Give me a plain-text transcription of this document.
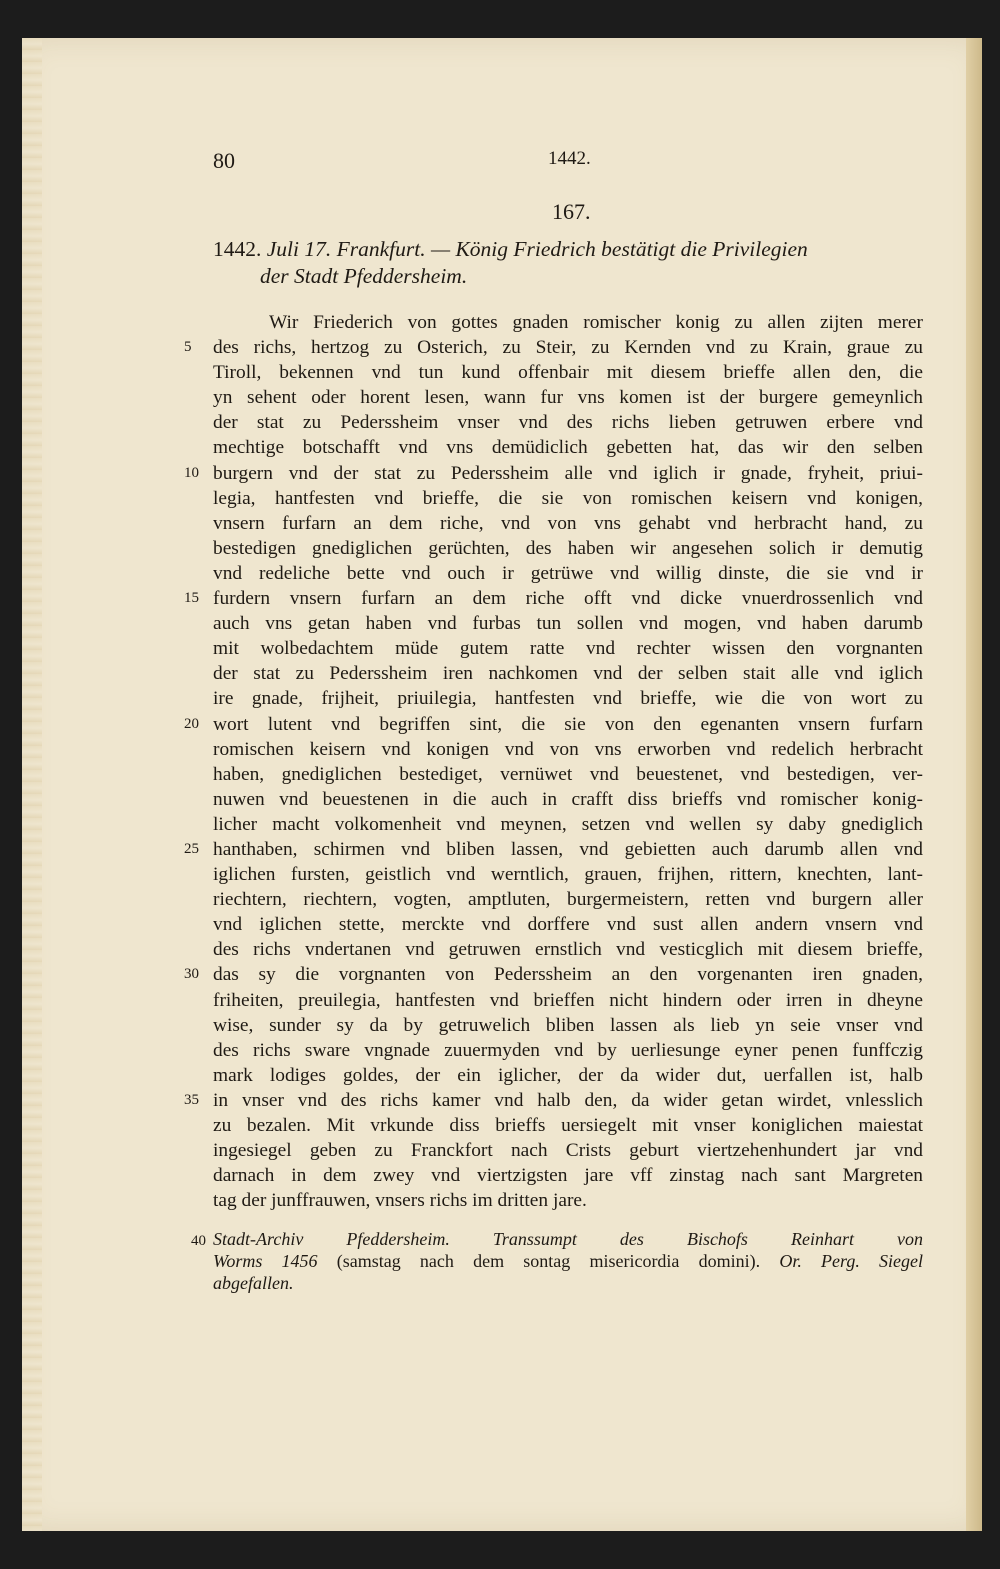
80	1442.
167.
1442. Juli 17. Frankfurt. — König Friedrich bestätigt die Privilegien
der Stadt Pfeddersheim.
Wir Friederich von gottes gnaden romischer konig zu allen zijten merer
5	des richs, hertzog zu Osterich, zu Steir, zu Kernden vnd zu Krain, graue zu
Tiroll, bekennen vnd tun kund offenbair mit diesem brieffe allen den, die
yn sehent oder horent lesen, wann fur vns komen ist der burgere gemeynlich
der stat zu Pederssheim vnser vnd des richs lieben getruwen erbere vnd
mechtige botschafft vnd vns demüdiclich gebetten hat, das wir den selben
10 burgern vnd der stat zu Pederssheim alle vnd iglich ir gnade, fryheit, priui-
legia, hantfesten vnd brieffe, die sie von romischen keisern vnd konigen,
vnsern furfarn an dem riche, vnd von vns gehabt vnd herbracht hand, zu
bestedigen gnediglichen gerüchten, des haben wir angesehen solich ir demutig
vnd redeliche bette vnd ouch ir getrüwe vnd willig dinste, die sie vnd ir
15 furdern vnsern furfarn an dem riche offt vnd dicke vnuerdrossenlich vnd
auch vns getan haben vnd furbas tun sollen vnd mogen, vnd haben darumb
mit wolbedachtem müde gutem ratte vnd rechter wissen den vorgnanten
der stat zu Pederssheim iren nachkomen vnd der selben stait alle vnd iglich
ire gnade, frijheit, priuilegia, hantfesten vnd brieffe, wie die von wort zu
20 wort lutent vnd begriffen sint, die sie von den egenanten vnsern furfarn
romischen keisern vnd konigen vnd von vns erworben vnd redelich herbracht
haben, gnediglichen bestediget, vernüwet vnd beuestenet, vnd bestedigen, ver-
nuwen vnd beuestenen in die auch in crafft diss brieffs vnd romischer konig-
licher macht volkomenheit vnd meynen, setzen vnd wellen sy daby gnediglich
25 hanthaben, schirmen vnd bliben lassen, vnd gebietten auch darumb allen vnd
iglichen fursten, geistlich vnd werntlich, grauen, frijhen, rittern, knechten, lant-
riechtern, riechtern, vogten, amptluten, burgermeistern, retten vnd burgern aller
vnd iglichen stette, merckte vnd dorffere vnd sust allen andern vnsern vnd
des richs vndertanen vnd getruwen ernstlich vnd vesticglich mit diesem brieffe,
30 das sy die vorgnanten von Pederssheim an den vorgenanten iren gnaden,
friheiten, preuilegia, hantfesten vnd brieffen nicht hindern oder irren in dheyne
wise, sunder sy da by getruwelich bliben lassen als lieb yn seie vnser vnd
des richs sware vngnade zuuermyden vnd by uerliesunge eyner penen funffczig
mark lodiges goldes, der ein iglicher, der da wider dut, uerfallen ist, halb
35 in vnser vnd des richs kamer vnd halb den, da wider getan wirdet, vnlesslich
zu bezalen. Mit vrkunde diss brieffs uersiegelt mit vnser koniglichen maiestat
ingesiegel geben zu Franckfort nach Crists geburt viertzehenhundert jar vnd
darnach in dem zwey vnd viertzigsten jare vff zinstag nach sant Margreten
tag der junffrauwen, vnsers richs im dritten jare.
40 Stadt-Archiv Pfeddersheim. Transsumpt des Bischofs Reinhart von
Worms 1456 (samstag nach dem sontag misericordia domini). Or. Perg. Siegel
abgefallen.
